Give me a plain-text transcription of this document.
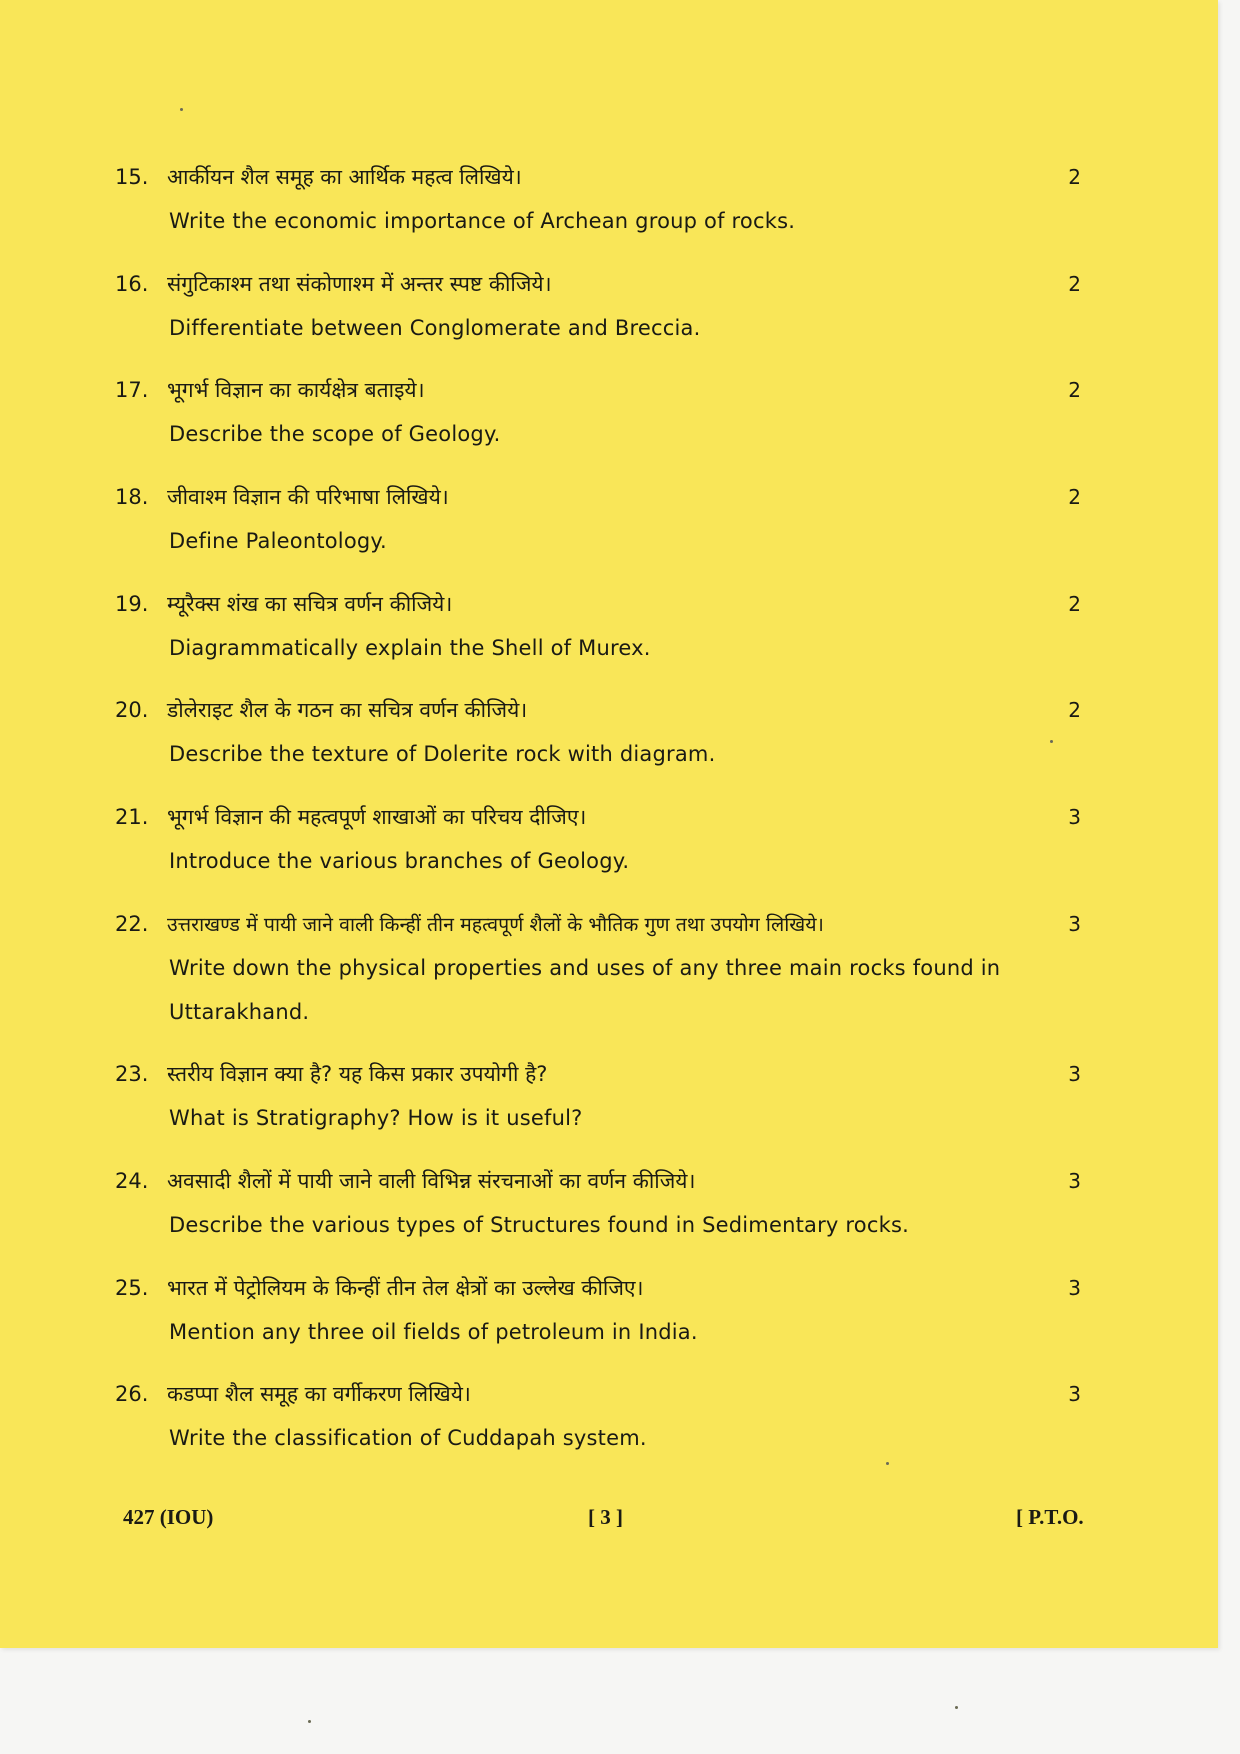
15. आर्कीयन शैल समूह का आर्थिक महत्व लिखिये।	2
Write the economic importance of Archean group of rocks.
16. संगुटिकाश्म तथा संकोणाश्म में अन्तर स्पष्ट कीजिये।	2
Differentiate between Conglomerate and Breccia.
17. भूगर्भ विज्ञान का कार्यक्षेत्र बताइये।	2
Describe the scope of Geology.
18. जीवाश्म विज्ञान की परिभाषा लिखिये।	2
Define Paleontology.
19. म्यूरैक्स शंख का सचित्र वर्णन कीजिये।	2
Diagrammatically explain the Shell of Murex.
20. डोलेराइट शैल के गठन का सचित्र वर्णन कीजिये।	2
Describe the texture of Dolerite rock with diagram.
21. भूगर्भ विज्ञान की महत्वपूर्ण शाखाओं का परिचय दीजिए।	3
Introduce the various branches of Geology.
22. उत्तराखण्ड में पायी जाने वाली किन्हीं तीन महत्वपूर्ण शैलों के भौतिक गुण तथा उपयोग लिखिये।	3
Write down the physical properties and uses of any three main rocks found in Uttarakhand.
23. स्तरीय विज्ञान क्या है? यह किस प्रकार उपयोगी है?	3
What is Stratigraphy? How is it useful?
24. अवसादी शैलों में पायी जाने वाली विभिन्न संरचनाओं का वर्णन कीजिये।	3
Describe the various types of Structures found in Sedimentary rocks.
25. भारत में पेट्रोलियम के किन्हीं तीन तेल क्षेत्रों का उल्लेख कीजिए।	3
Mention any three oil fields of petroleum in India.
26. कडप्पा शैल समूह का वर्गीकरण लिखिये।	3
Write the classification of Cuddapah system.
427 (IOU)	[ 3 ]	[ P.T.O.
